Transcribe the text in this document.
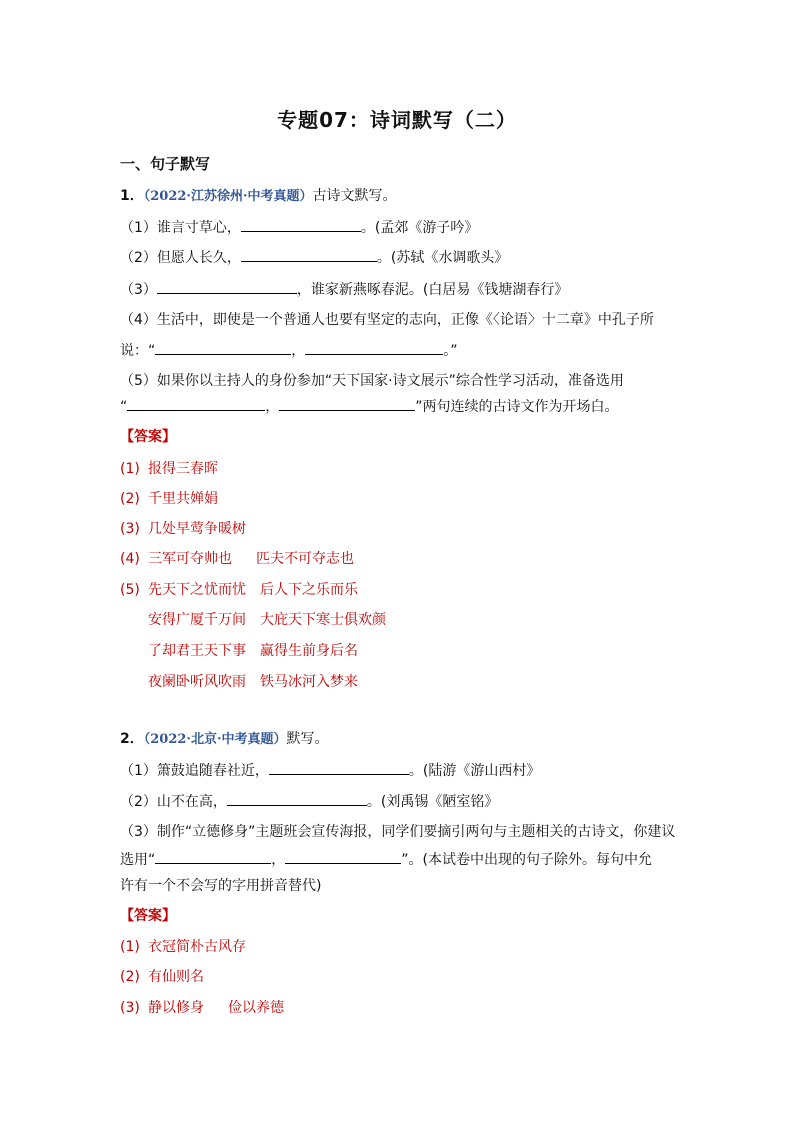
专题07：诗词默写（二）
一、句子默写
1．（2022·江苏徐州·中考真题）古诗文默写。
（1）谁言寸草心，	。(孟郊《游子吟》
（2）但愿人长久，	。(苏轼《水调歌头》
（3）	，谁家新燕啄春泥。(白居易《钱塘湖春行》
（4）生活中，即使是一个普通人也要有坚定的志向，正像《〈论语〉十二章》中孔子所
说：“	，	。”
（5）如果你以主持人的身份参加“天下国家·诗文展示”综合性学习活动，准备选用
“	，	”两句连续的古诗文作为开场白。
【答案】
(1) 报得三春晖
(2) 千里共婵娟
(3) 几处早莺争暖树
(4) 三军可夺帅也 匹夫不可夺志也
(5) 先天下之忧而忧 后人下之乐而乐
安得广厦千万间 大庇天下寒士俱欢颜
了却君王天下事 赢得生前身后名
夜阑卧听风吹雨 铁马冰河入梦来
2．（2022·北京·中考真题）默写。
（1）箫鼓追随春社近，	。(陆游《游山西村》
（2）山不在高，	。(刘禹锡《陋室铭》
（3）制作“立德修身”主题班会宣传海报，同学们要摘引两句与主题相关的古诗文，你建议
选用“	，	”。(本试卷中出现的句子除外。每句中允
许有一个不会写的字用拼音替代)
【答案】
(1) 衣冠简朴古风存
(2) 有仙则名
(3) 静以修身 俭以养德
